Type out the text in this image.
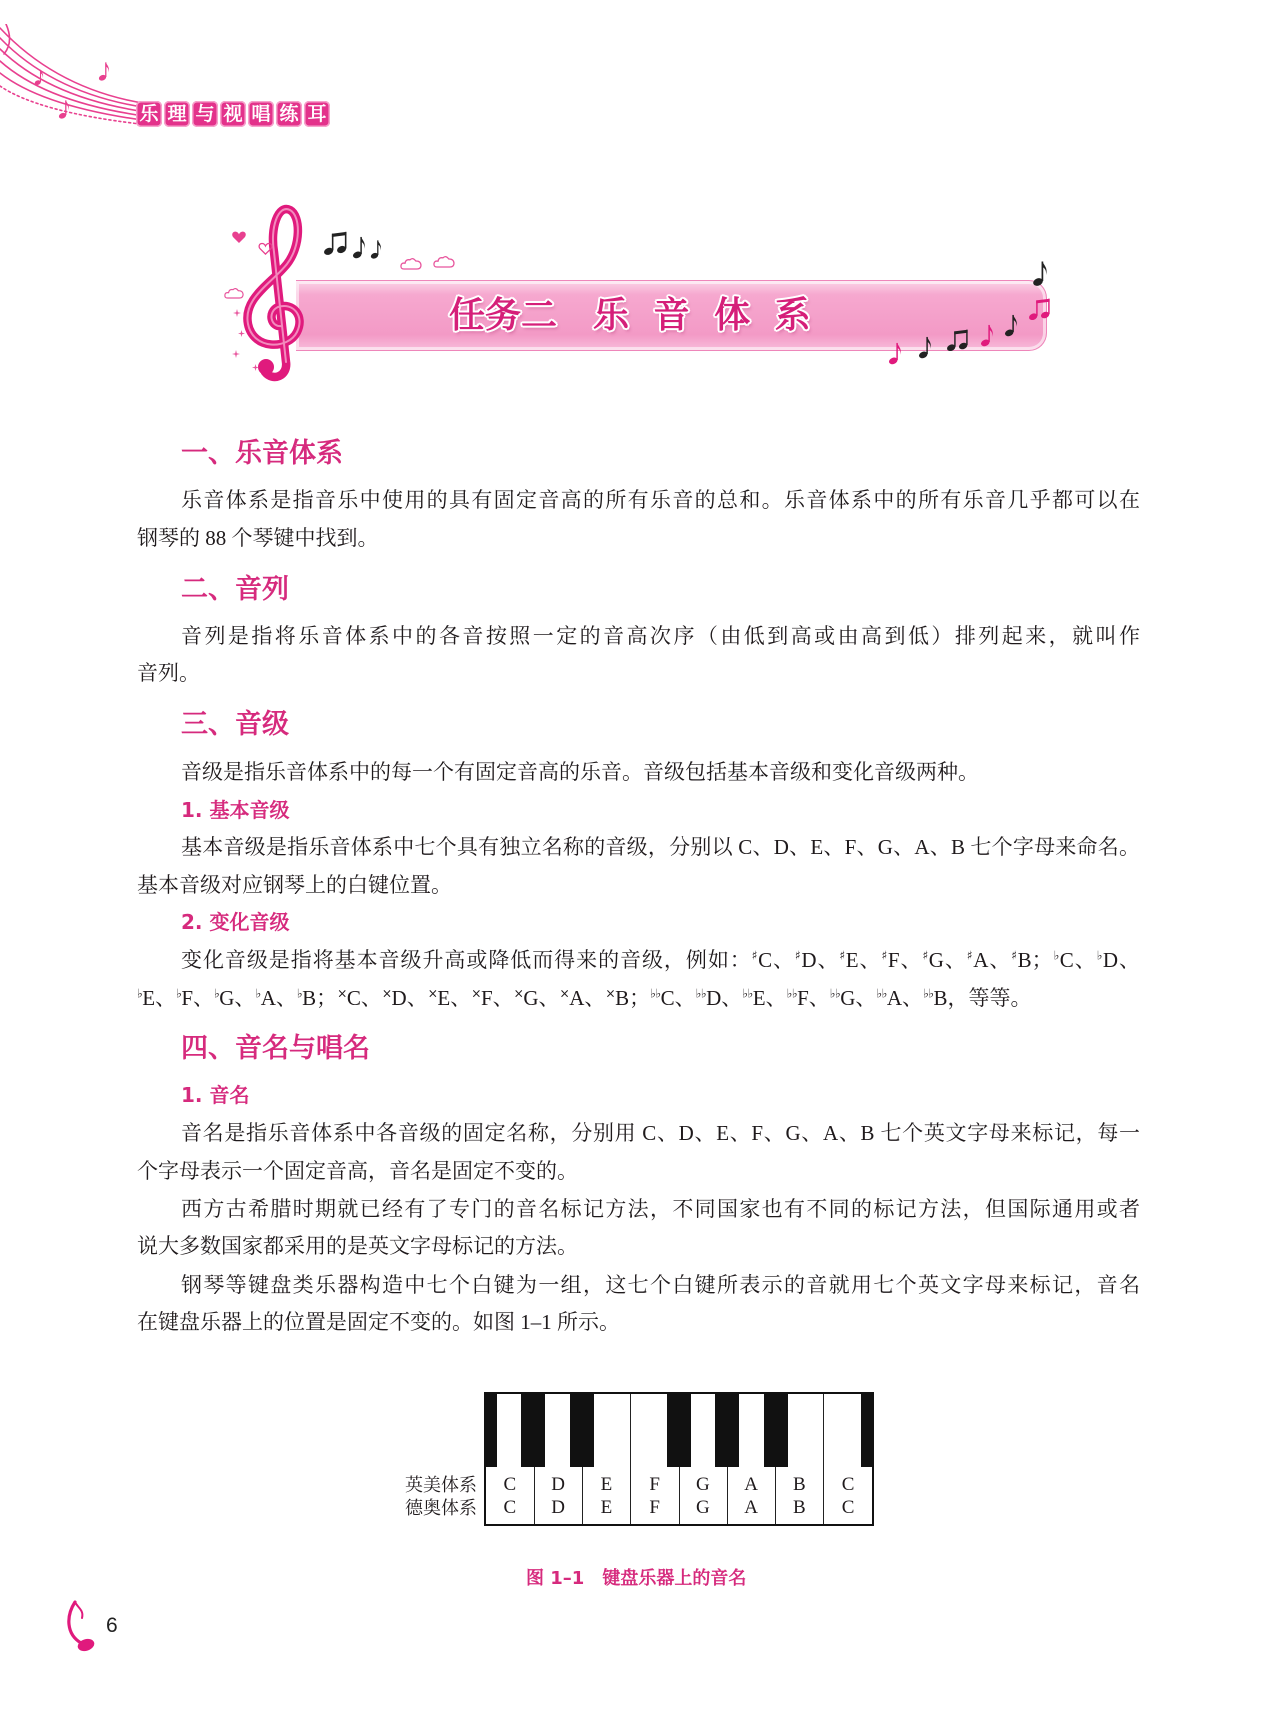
乐 理 与 视 唱 练 耳
任务二　乐 音 体 系
一、乐音体系
乐音体系是指音乐中使用的具有固定音高的所有乐音的总和。乐音体系中的所有乐音几乎都可以在
钢琴的 88 个琴键中找到。
二、音列
音列是指将乐音体系中的各音按照一定的音高次序（由低到高或由高到低）排列起来，就叫作
音列。
三、音级
音级是指乐音体系中的每一个有固定音高的乐音。音级包括基本音级和变化音级两种。
1. 基本音级
基本音级是指乐音体系中七个具有独立名称的音级，分别以 C、D、E、F、G、A、B 七个字母来命名。
基本音级对应钢琴上的白键位置。
2. 变化音级
变化音级是指将基本音级升高或降低而得来的音级，例如：♯C、♯D、♯E、♯F、♯G、♯A、♯B；♭C、♭D、
♭E、♭F、♭G、♭A、♭B；×C、×D、×E、×F、×G、×A、×B；♭♭C、♭♭D、♭♭E、♭♭F、♭♭G、♭♭A、♭♭B，等等。
四、音名与唱名
1. 音名
音名是指乐音体系中各音级的固定名称，分别用 C、D、E、F、G、A、B 七个英文字母来标记，每一
个字母表示一个固定音高，音名是固定不变的。
西方古希腊时期就已经有了专门的音名标记方法，不同国家也有不同的标记方法，但国际通用或者
说大多数国家都采用的是英文字母标记的方法。
钢琴等键盘类乐器构造中七个白键为一组，这七个白键所表示的音就用七个英文字母来标记，音名
在键盘乐器上的位置是固定不变的。如图 1–1 所示。
英美体系
德奥体系
C
C
D
D
E
E
F
F
G
G
A
A
B
B
C
C
图 1–1　键盘乐器上的音名
6
